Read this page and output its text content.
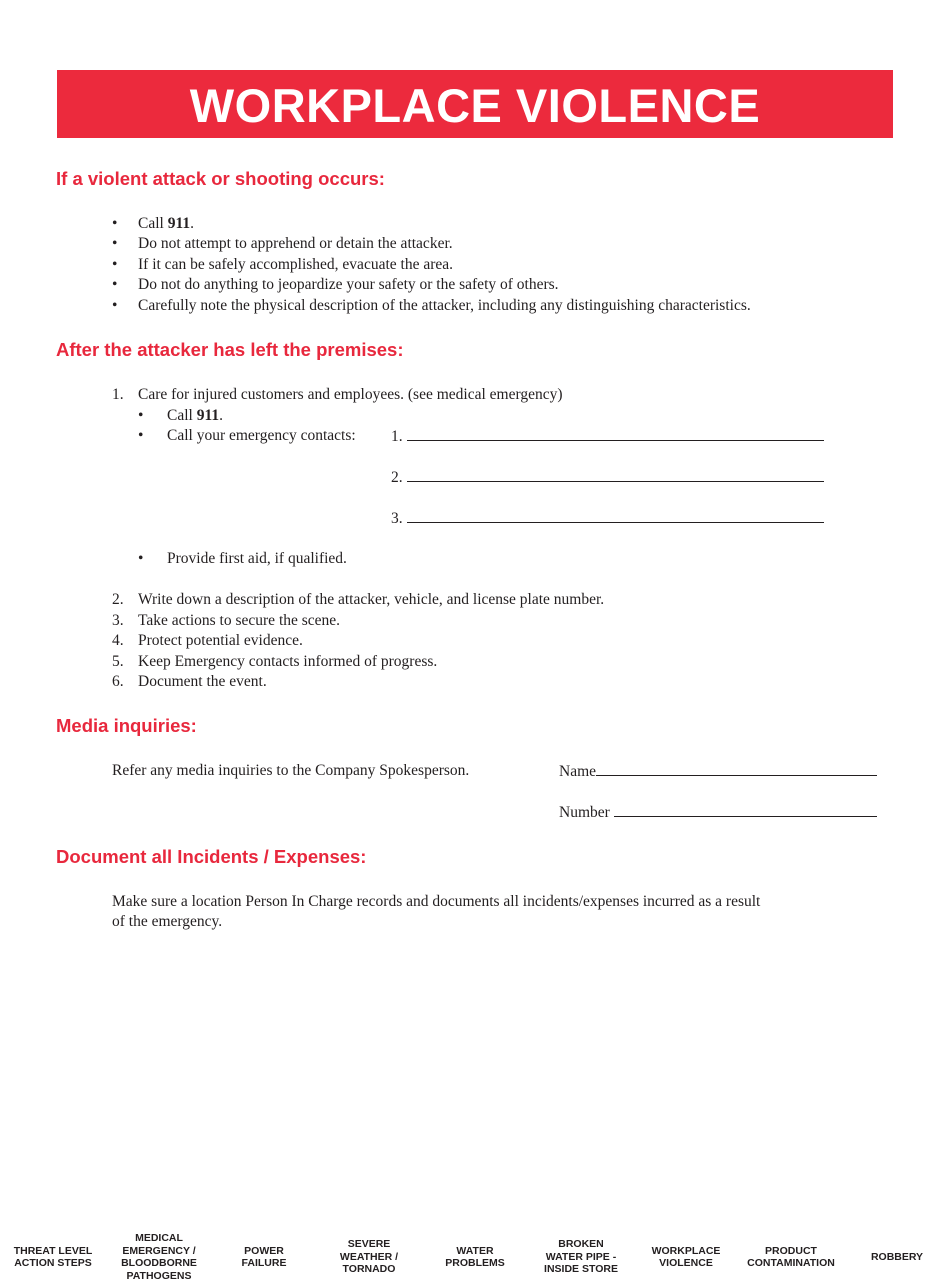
WORKPLACE VIOLENCE
If a violent attack or shooting occurs:
• Call 911.
• Do not attempt to apprehend or detain the attacker.
• If it can be safely accomplished, evacuate the area.
• Do not do anything to jeopardize your safety or the safety of others.
• Carefully note the physical description of the attacker, including any distinguishing characteristics.
After the attacker has left the premises:
1. Care for injured customers and employees. (see medical emergency)
• Call 911.
• Call your emergency contacts: 1.
2.
3.
• Provide first aid, if qualified.
2. Write down a description of the attacker, vehicle, and license plate number.
3. Take actions to secure the scene.
4. Protect potential evidence.
5. Keep Emergency contacts informed of progress.
6. Document the event.
Media inquiries:
Refer any media inquiries to the Company Spokesperson.	Name
Number
Document all Incidents / Expenses:
Make sure a location Person In Charge records and documents all incidents/expenses incurred as a result
of the emergency.
THREAT LEVEL
ACTION STEPS
MEDICAL
EMERGENCY /
BLOODBORNE
PATHOGENS
POWER
FAILURE
SEVERE
WEATHER /
TORNADO
WATER
PROBLEMS
BROKEN
WATER PIPE -
INSIDE STORE
WORKPLACE
VIOLENCE
PRODUCT
CONTAMINATION
ROBBERY
